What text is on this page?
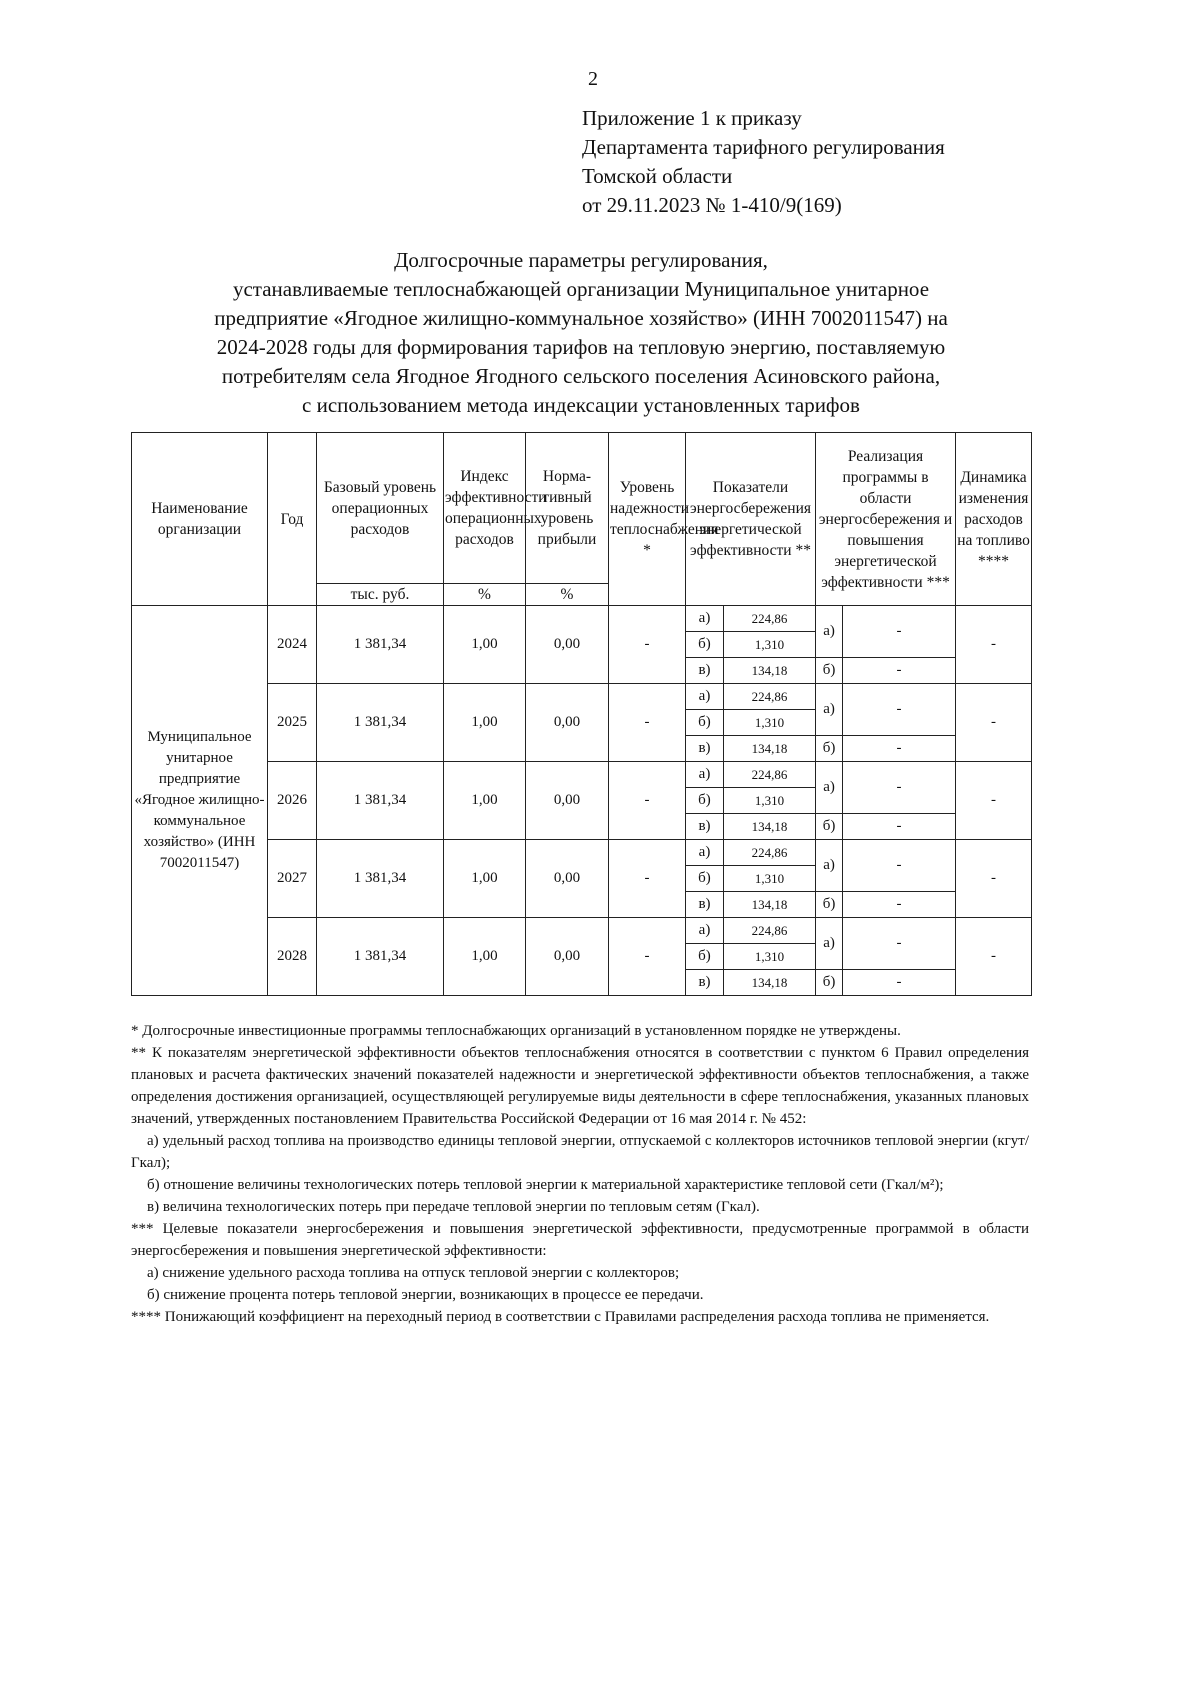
2
Приложение 1 к приказу
Департамента тарифного регулирования
Томской области
от 29.11.2023 № 1-410/9(169)
Долгосрочные параметры регулирования,
устанавливаемые теплоснабжающей организации Муниципальное унитарное
предприятие «Ягодное жилищно-коммунальное хозяйство» (ИНН 7002011547) на
2024-2028 годы для формирования тарифов на тепловую энергию, поставляемую
потребителям села Ягодное Ягодного сельского поселения Асиновского района,
с использованием метода индексации установленных тарифов
Наименование организации	Год	Базовый уровень операционных расходов	Индекс эффективности операционных расходов	Норма-тивный уровень прибыли	Уровень надежности теплоснабжения *	Показатели энергосбережения энергетической эффективности **		Реализация программы в области энергосбережения и повышения энергетической эффективности ***		Динамика изменения расходов на топливо ****
		тыс. руб.	%	%						
Муниципальное унитарное предприятие «Ягодное жилищно-коммунальное хозяйство» (ИНН 7002011547)	2024	1 381,34	1,00	0,00	-	а)	224,86	а)	-	-
						б)	1,310			
						в)	134,18	б)	-	
	2025	1 381,34	1,00	0,00	-	а)	224,86	а)	-	-
						б)	1,310			
						в)	134,18	б)	-	
	2026	1 381,34	1,00	0,00	-	а)	224,86	а)	-	-
						б)	1,310			
						в)	134,18	б)	-	
	2027	1 381,34	1,00	0,00	-	а)	224,86	а)	-	-
						б)	1,310			
						в)	134,18	б)	-	
	2028	1 381,34	1,00	0,00	-	а)	224,86	а)	-	-
						б)	1,310			
						в)	134,18	б)	-	

* Долгосрочные инвестиционные программы теплоснабжающих организаций в установленном порядке не утверждены.

** К показателям энергетической эффективности объектов теплоснабжения относятся в соответствии с пунктом 6 Правил определения плановых и расчета фактических значений показателей надежности и энергетической эффективности объектов теплоснабжения, а также определения достижения организацией, осуществляющей регулируемые виды деятельности в сфере теплоснабжения, указанных плановых значений, утвержденных постановлением Правительства Российской Федерации от 16 мая 2014 г. № 452:

а) удельный расход топлива на производство единицы тепловой энергии, отпускаемой с коллекторов источников тепловой энергии (кгут/Гкал);

б) отношение величины технологических потерь тепловой энергии к материальной характеристике тепловой сети (Гкал/м²);

в) величина технологических потерь при передаче тепловой энергии по тепловым сетям (Гкал).

*** Целевые показатели энергосбережения и повышения энергетической эффективности, предусмотренные программой в области энергосбережения и повышения энергетической эффективности:

а) снижение удельного расхода топлива на отпуск тепловой энергии с коллекторов;

б) снижение процента потерь тепловой энергии, возникающих в процессе ее передачи.

**** Понижающий коэффициент на переходный период в соответствии с Правилами распределения расхода топлива не применяется.
